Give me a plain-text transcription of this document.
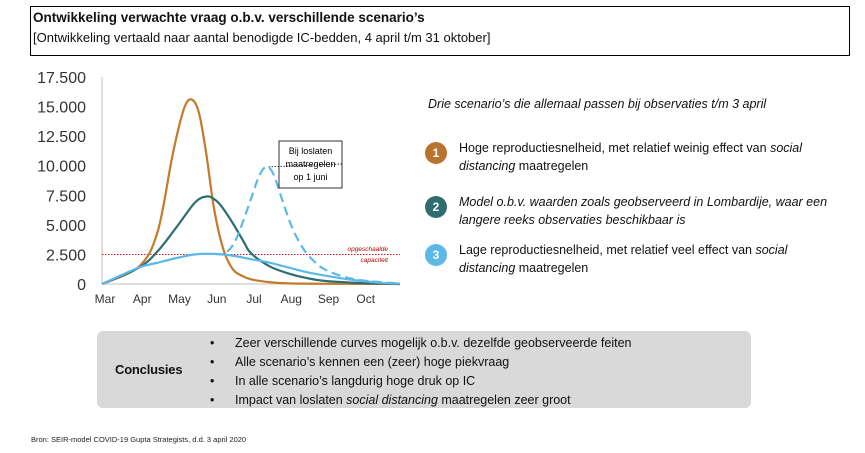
Ontwikkeling verwachte vraag o.b.v. verschillende scenario’s
[Ontwikkeling vertaald naar aantal benodigde IC-bedden, 4 april t/m 31 oktober]
0
2.500
5.000
7.500
10.000
12.500
15.000
17.500
Mar Apr May Jun Jul Aug Sep Oct
opgeschaalde
capaciteit
Bij loslaten
maatregelen
op 1 juni
Drie scenario’s die allemaal passen bij observaties t/m 3 april
1	Hoge reproductiesnelheid, met relatief weinig effect van social distancing maatregelen
2	Model o.b.v. waarden zoals geobserveerd in Lombardije, waar een langere reeks observaties beschikbaar is
3	Lage reproductiesnelheid, met relatief veel effect van social distancing maatregelen
Conclusies
• Zeer verschillende curves mogelijk o.b.v. dezelfde geobserveerde feiten
• Alle scenario’s kennen een (zeer) hoge piekvraag
• In alle scenario’s langdurig hoge druk op IC
• Impact van loslaten social distancing maatregelen zeer groot
Bron: SEIR-model COVID-19 Gupta Strategists, d.d. 3 april 2020
